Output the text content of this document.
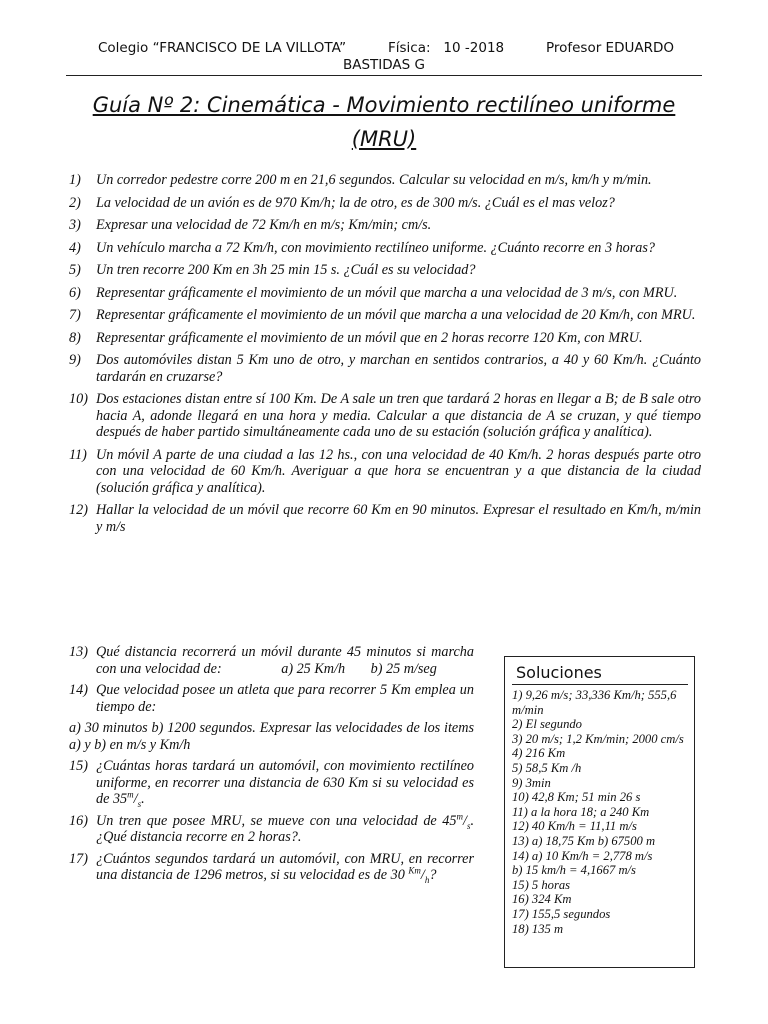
Colegio “FRANCISCO DE LA VILLOTA”	Física: 10 -2018	Profesor EDUARDO
BASTIDAS G
Guía Nº 2: Cinemática - Movimiento rectilíneo uniforme
(MRU)
1)	Un corredor pedestre corre 200 m en 21,6 segundos. Calcular su velocidad en m/s, km/h y m/min.
2)	La velocidad de un avión es de 970 Km/h; la de otro, es de 300 m/s. ¿Cuál es el mas veloz?
3)	Expresar una velocidad de 72 Km/h en m/s; Km/min; cm/s.
4)	Un vehículo marcha a 72 Km/h, con movimiento rectilíneo uniforme. ¿Cuánto recorre en 3 horas?
5)	Un tren recorre 200 Km en 3h 25 min 15 s. ¿Cuál es su velocidad?
6)	Representar gráficamente el movimiento de un móvil que marcha a una velocidad de 3 m/s, con MRU.
7)	Representar gráficamente el movimiento de un móvil que marcha a una velocidad de 20 Km/h, con MRU.
8)	Representar gráficamente el movimiento de un móvil que en 2 horas recorre 120 Km, con MRU.
9)	Dos automóviles distan 5 Km uno de otro, y marchan en sentidos contrarios, a 40 y 60 Km/h. ¿Cuánto tardarán en cruzarse?
10) Dos estaciones distan entre sí 100 Km. De A sale un tren que tardará 2 horas en llegar a B; de B sale otro hacia A, adonde llegará en una hora y media. Calcular a que distancia de A se cruzan, y qué tiempo después de haber partido simultáneamente cada uno de su estación (solución gráfica y analítica).
11) Un móvil A parte de una ciudad a las 12 hs., con una velocidad de 40 Km/h. 2 horas después parte otro con una velocidad de 60 Km/h. Averiguar a que hora se encuentran y a que distancia de la ciudad (solución gráfica y analítica).
12) Hallar la velocidad de un móvil que recorre 60 Km en 90 minutos. Expresar el resultado en Km/h, m/min y m/s
13) Qué distancia recorrerá un móvil durante 45 minutos si marcha con una velocidad de:	a) 25 Km/h b) 25 m/seg
14) Que velocidad posee un atleta que para recorrer 5 Km emplea un tiempo de:

a) 30 minutos b) 1200 segundos. Expresar las velocidades de los items a) y b) en m/s y Km/h

15) ¿Cuántas horas tardará un automóvil, con movimiento rectilíneo uniforme, en recorrer una distancia de 630 Km si su velocidad es de $35^m/_s$.
16) Un tren que posee MRU, se mueve con una velocidad de $45^m/_s$. ¿Qué distancia recorre en 2 horas?.
17) ¿Cuántos segundos tardará un automóvil, con MRU, en recorrer una distancia de 1296 metros, si su velocidad es de 30 $^{Km}/_h$?
Soluciones
1) 9,26 m/s; 33,336 Km/h; 555,6 m/min
2) El segundo
3) 20 m/s; 1,2 Km/min; 2000 cm/s
4) 216 Km
5) 58,5 Km /h
9) 3min
10) 42,8 Km; 51 min 26 s
11) a la hora 18; a 240 Km
12) 40 Km/h = 11,11 m/s
13) a) 18,75 Km b) 67500 m
14) a) 10 Km/h = 2,778 m/s
b) 15 km/h = 4,1667 m/s
15) 5 horas
16) 324 Km
17) 155,5 segundos
18) 135 m
